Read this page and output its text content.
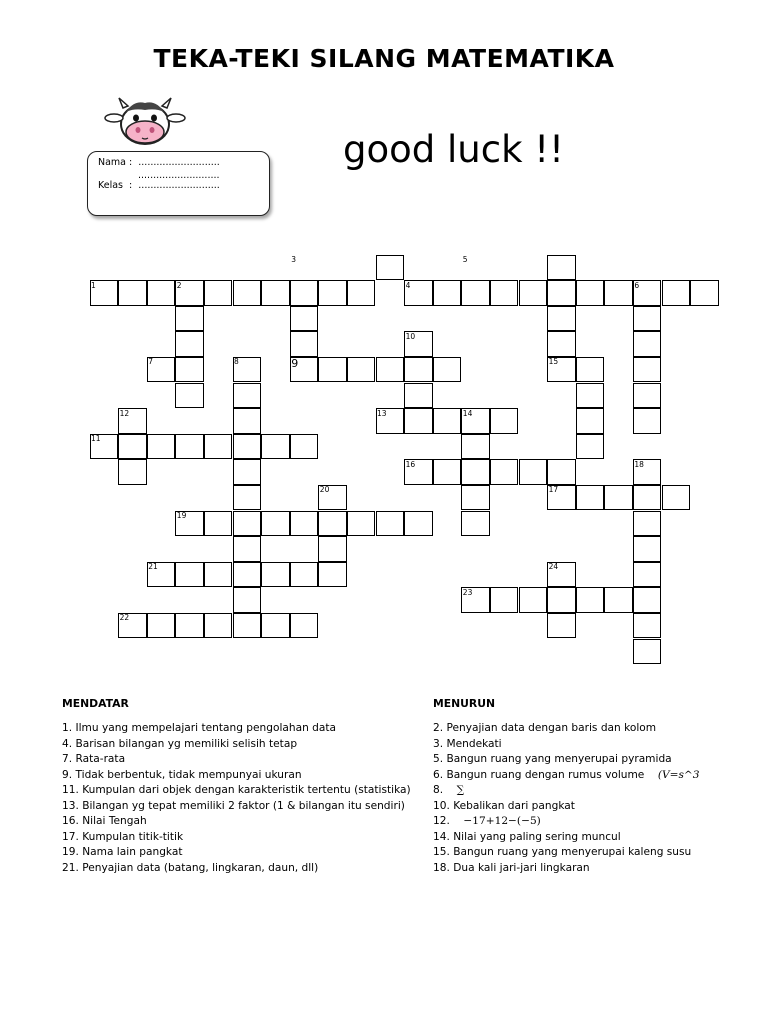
TEKA-TEKI SILANG MATEMATIKA
Nama :  ...........................
...........................
Kelas  :  ...........................
good luck !!
1	2
3
4
5
6
7	8	9
10
11
12	13	14
15
16
17
18
19
20
21
22
23
24
MENDATAR
1. Ilmu yang mempelajari tentang pengolahan data
4. Barisan bilangan yg memiliki selisih tetap
7. Rata-rata
9. Tidak berbentuk, tidak mempunyai ukuran
11. Kumpulan dari objek dengan karakteristik tertentu (statistika)
13. Bilangan yg tepat memiliki 2 faktor (1 & bilangan itu sendiri)
16. Nilai Tengah
17. Kumpulan titik-titik
19. Nama lain pangkat
21. Penyajian data (batang, lingkaran, daun, dll)
MENURUN
2. Penyajian data dengan baris dan kolom
3. Mendekati
5. Bangun ruang yang menyerupai pyramida
6. Bangun ruang dengan rumus volume (V=s^3
8. ∑
10. Kebalikan dari pangkat
12. −17+12−(−5)
14. Nilai yang paling sering muncul
15. Bangun ruang yang menyerupai kaleng susu
18. Dua kali jari-jari lingkaran
